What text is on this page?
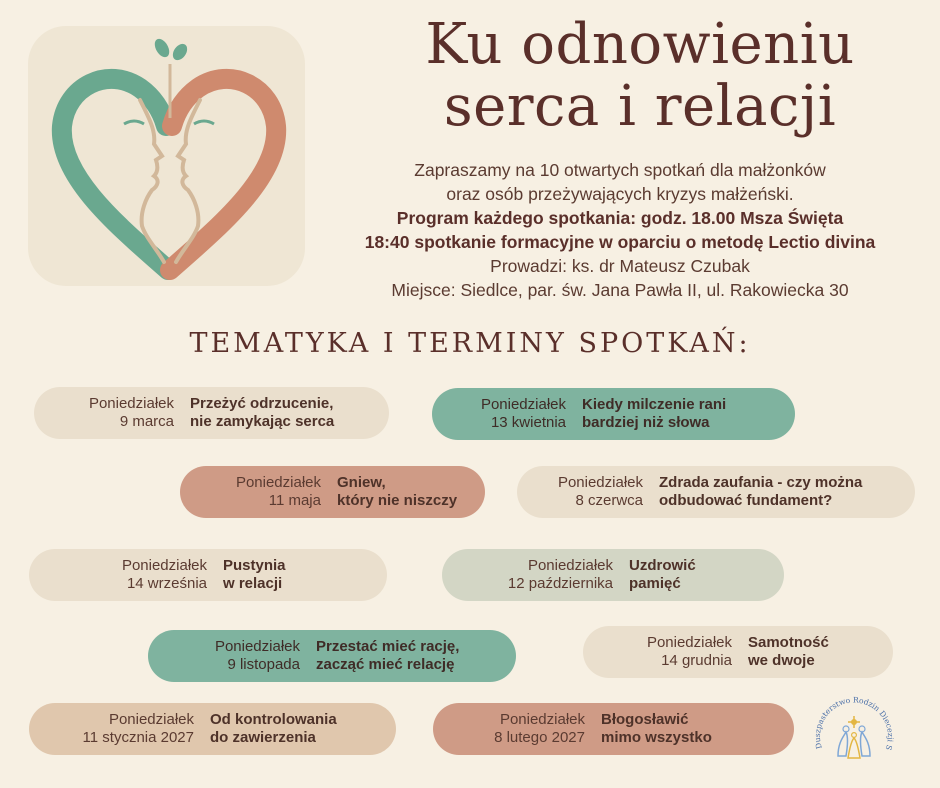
Ku odnowieniu
serca i relacji
Zapraszamy na 10 otwartych spotkań dla małżonków
oraz osób przeżywających kryzys małżeński.
Program każdego spotkania: godz. 18.00 Msza Święta
18:40 spotkanie formacyjne w oparciu o metodę Lectio divina
Prowadzi: ks. dr Mateusz Czubak
Miejsce: Siedlce, par. św. Jana Pawła II, ul. Rakowiecka 30
TEMATYKA I TERMINY SPOTKAŃ:
Poniedziałek
9 marca
Przeżyć odrzucenie,
nie zamykając serca
Poniedziałek
13 kwietnia
Kiedy milczenie rani
bardziej niż słowa
Poniedziałek
11 maja
Gniew,
który nie niszczy
Poniedziałek
8 czerwca
Zdrada zaufania - czy można
odbudować fundament?
Poniedziałek
14 września
Pustynia
w relacji
Poniedziałek
12 października
Uzdrowić
pamięć
Poniedziałek
9 listopada
Przestać mieć rację,
zacząć mieć relację
Poniedziałek
14 grudnia
Samotność
we dwoje
Poniedziałek
11 stycznia 2027
Od kontrolowania
do zawierzenia
Poniedziałek
8 lutego 2027
Błogosławić
mimo wszystko	Duszpasterstwo Rodzin Diecezji S
